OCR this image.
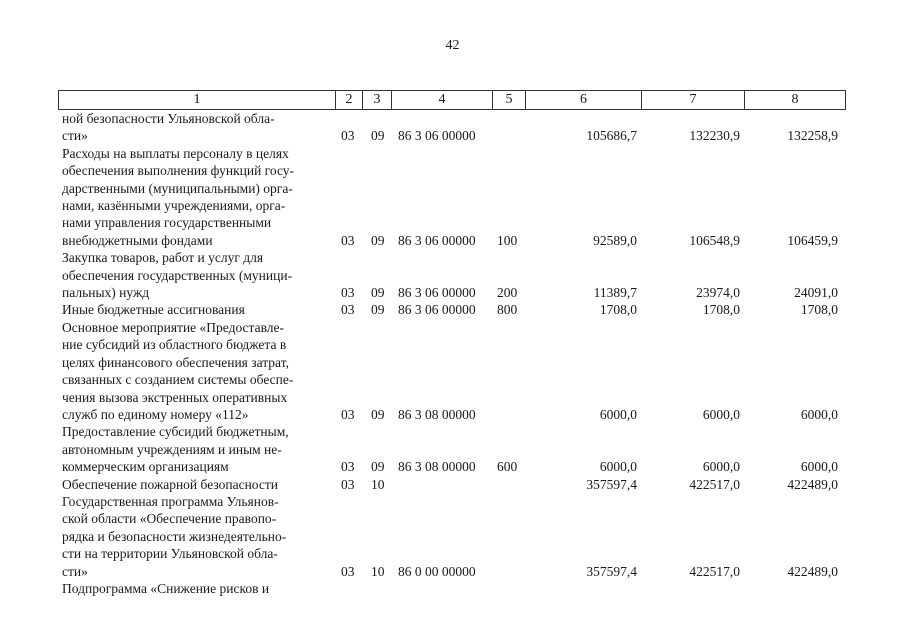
42
1	2	3	4	5	6	7	8
ной безопасности Ульяновской обла-
сти»	03 09 86 3 06 00000	105686,7	132230,9	132258,9
Расходы на выплаты персоналу в целях
обеспечения выполнения функций госу-
дарственными (муниципальными) орга-
нами, казёнными учреждениями, орга-
нами управления государственными
внебюджетными фондами	03 09 86 3 06 00000 100	92589,0	106548,9	106459,9
Закупка товаров, работ и услуг для
обеспечения государственных (муници-
пальных) нужд	03 09 86 3 06 00000 200	11389,7	23974,0	24091,0
Иные бюджетные ассигнования	03 09 86 3 06 00000 800	1708,0	1708,0	1708,0
Основное мероприятие «Предоставле-
ние субсидий из областного бюджета в
целях финансового обеспечения затрат,
связанных с созданием системы обеспе-
чения вызова экстренных оперативных
служб по единому номеру «112»	03 09 86 3 08 00000	6000,0	6000,0	6000,0
Предоставление субсидий бюджетным,
автономным учреждениям и иным не-
коммерческим организациям	03 09 86 3 08 00000 600	6000,0	6000,0	6000,0
Обеспечение пожарной безопасности	03 10	357597,4	422517,0	422489,0
Государственная программа Ульянов-
ской области «Обеспечение правопо-
рядка и безопасности жизнедеятельно-
сти на территории Ульяновской обла-
сти»	03 10 86 0 00 00000	357597,4	422517,0	422489,0
Подпрограмма «Снижение рисков и
